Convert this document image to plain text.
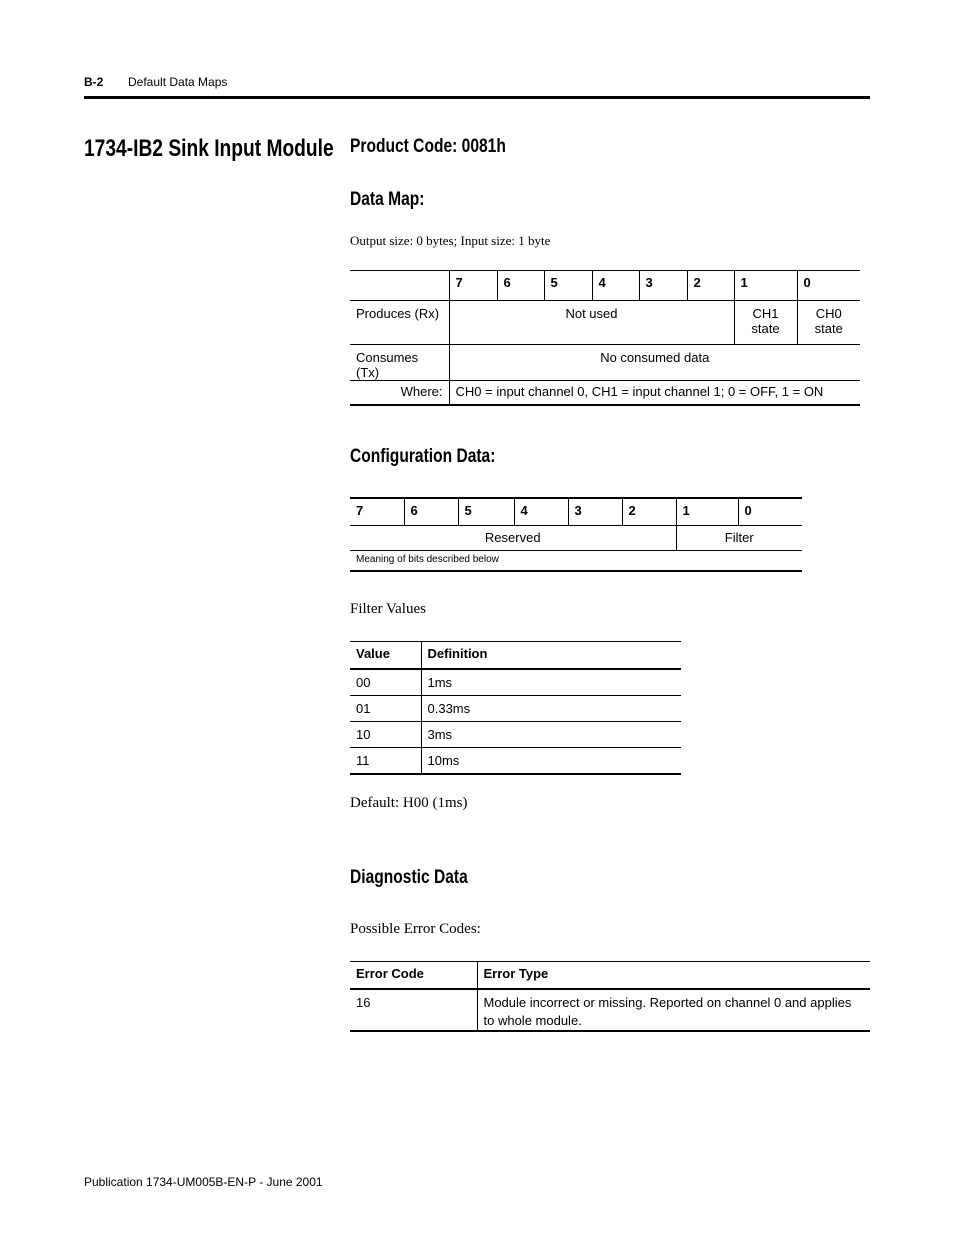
B-2 Default Data Maps
1734-IB2 Sink Input Module Product Code: 0081h
Data Map:
Output size: 0 bytes; Input size: 1 byte
	7	6	5	4	3	2	1	0
Produces (Rx)	Not used						CH1 state	CH0 state
Consumes (Tx)	No consumed data							
Where:	CH0 = input channel 0, CH1 = input channel 1; 0 = OFF, 1 = ON							
Configuration Data:
7	6	5	4	3	2	1	0
Reserved						Filter	
Meaning of bits described below							
Filter Values
Value	Definition
00	1ms
01	0.33ms
10	3ms
11	10ms
Default: H00 (1ms)
Diagnostic Data
Possible Error Codes:
Error Code	Error Type
16	Module incorrect or missing. Reported on channel 0 and applies to whole module.
Publication 1734-UM005B-EN-P - June 2001
